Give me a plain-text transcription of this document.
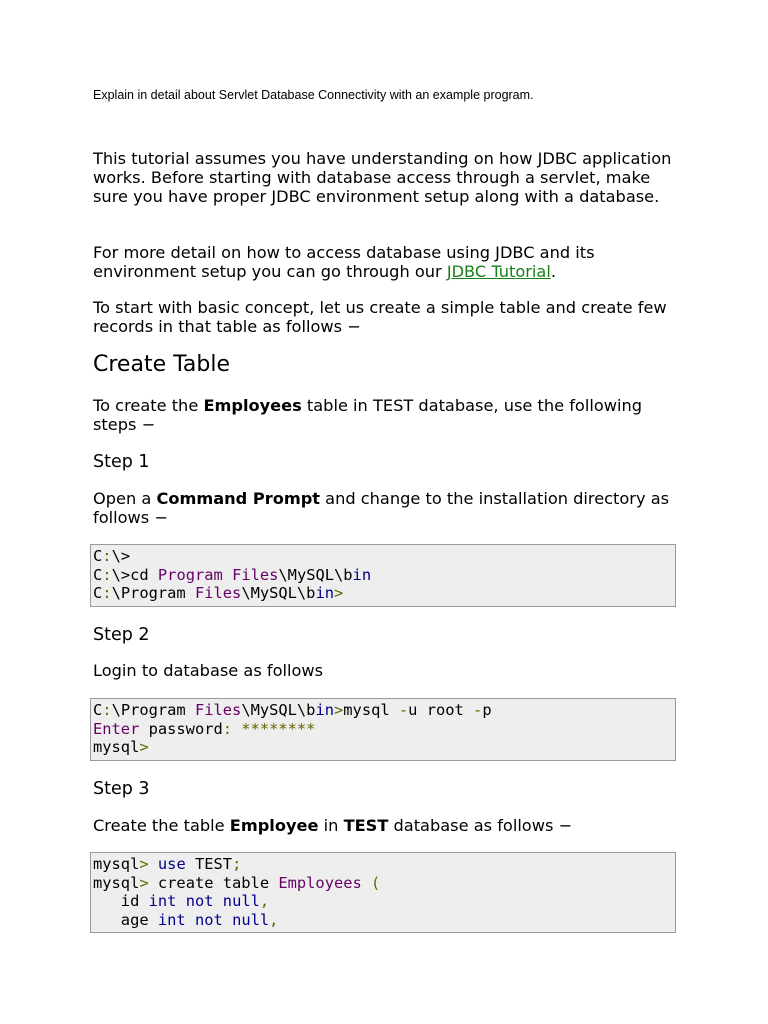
Explain in detail about Servlet Database Connectivity with an example program.

This tutorial assumes you have understanding on how JDBC application works. Before starting with database access through a servlet, make sure you have proper JDBC environment setup along with a database.

For more detail on how to access database using JDBC and its environment setup you can go through our JDBC Tutorial.

To start with basic concept, let us create a simple table and create few records in that table as follows −

Create Table

To create the Employees table in TEST database, use the following steps −

Step 1

Open a Command Prompt and change to the installation directory as follows −

C:\>
C:\>cd Program Files\MySQL\bin
C:\Program Files\MySQL\bin>
Step 2

Login to database as follows

C:\Program Files\MySQL\bin>mysql -u root -p
Enter password: ********
mysql>
Step 3

Create the table Employee in TEST database as follows −

mysql> use TEST;
mysql> create table Employees (
id int not null,
age int not null,
